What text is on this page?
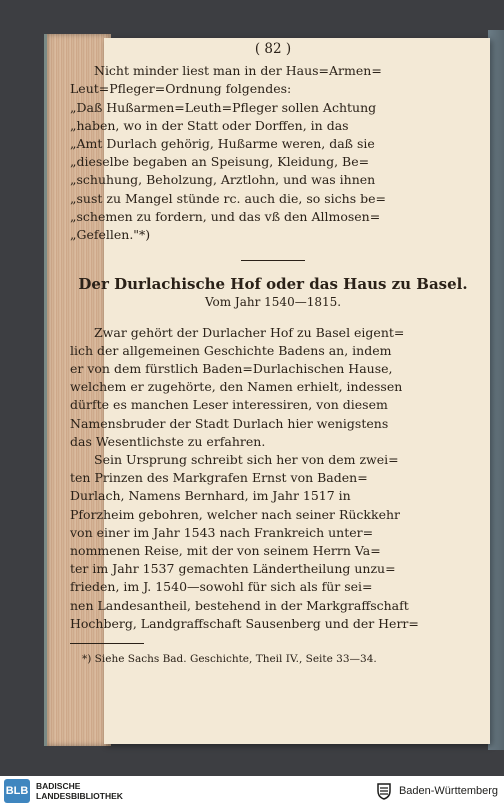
( 82 )
Nicht minder liest man in der Haus=Armen=
Leut=Pfleger=Ordnung folgendes:
„Daß Hußarmen=Leuth=Pfleger sollen Achtung
„haben, wo in der Statt oder Dorffen, in das
„Amt Durlach gehörig, Hußarme weren, daß sie
„dieselbe begaben an Speisung, Kleidung, Be=
„schuhung, Beholzung, Arztlohn, und was ihnen
„sust zu Mangel stünde rc. auch die, so sichs be=
„schemen zu fordern, und das vß den Allmosen=
„Gefellen."*)
Der Durlachische Hof oder das Haus zu Basel.
Vom Jahr 1540—1815.
Zwar gehört der Durlacher Hof zu Basel eigent=
lich der allgemeinen Geschichte Badens an, indem
er von dem fürstlich Baden=Durlachischen Hause,
welchem er zugehörte, den Namen erhielt, indessen
dürfte es manchen Leser interessiren, von diesem
Namensbruder der Stadt Durlach hier wenigstens
das Wesentlichste zu erfahren.
Sein Ursprung schreibt sich her von dem zwei=
ten Prinzen des Markgrafen Ernst von Baden=
Durlach, Namens Bernhard, im Jahr 1517 in
Pforzheim gebohren, welcher nach seiner Rückkehr
von einer im Jahr 1543 nach Frankreich unter=
nommenen Reise, mit der von seinem Herrn Va=
ter im Jahr 1537 gemachten Ländertheilung unzu=
frieden, im J. 1540—sowohl für sich als für sei=
nen Landesantheil, bestehend in der Markgraffschaft
Hochberg, Landgraffschaft Sausenberg und der Herr=
*) Siehe Sachs Bad. Geschichte, Theil IV., Seite 33—34.
BLB BADISCHE
LANDESBIBLIOTHEK	Baden-Württemberg
